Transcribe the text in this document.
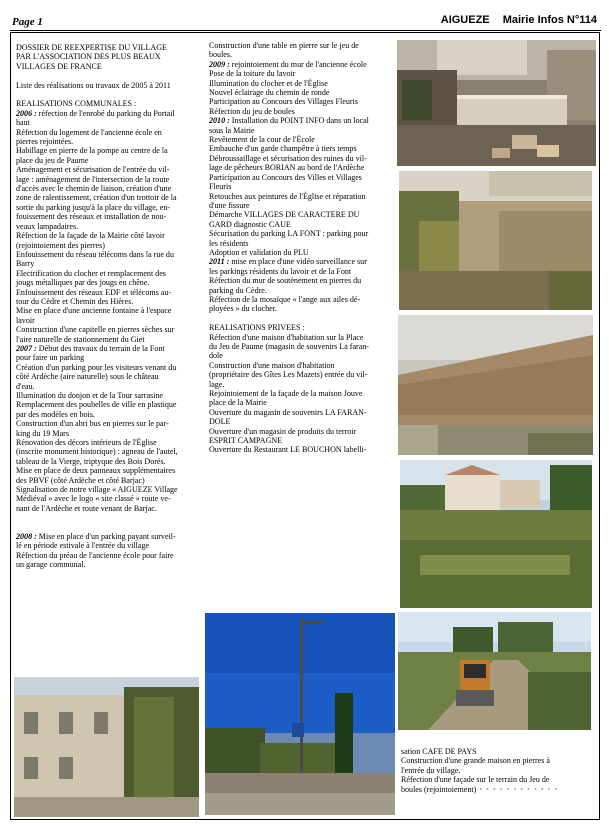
Page 1	AIGUEZE Mairie Infos N°114

DOSSIER DE REEXPERTISE DU VILLAGE

PAR L'ASSOCIATION DES PLUS BEAUX

VILLAGES DE FRANCE

Liste des réalisations ou travaux de 2005 à 2011

REALISATIONS COMMUNALES :

2006 : réfection de l'enrobé du parking du Portail

haut

Réfection du logement de l'ancienne école en

pierres rejointées.

Habillage en pierre de la pompe au centre de la

place du jeu de Paume

Aménagement et sécurisation de l'entrée du vil-

lage : aménagement de l'intersection de la route

d'accès avec le chemin de liaison, création d'une

zone de ralentissement, création d'un trottoir de la

sortie du parking jusqu'à la place du village, en-

fouissement des réseaux et installation de nou-

veaux lampadaires.

Réfection de la façade de la Mairie côté lavoir

(rejointoiement des pierres)

Enfouissement du réseau télécoms dans la rue du

Barry

Electrification du clocher et remplacement des

jougs métalliques par des jougs en chêne.

Enfouissement des réseaux EDF et télécoms au-

tour du Cèdre et Chemin des Hières.

Mise en place d'une ancienne fontaine à l'espace

lavoir

Construction d'une capitelle en pierres sèches sur

l'aire naturelle de stationnement du Giet

2007 : Début des travaux du terrain de la Font

pour faire un parking

Création d'un parking pour les visiteurs venant du

côté Ardèche (aire naturelle) sous le château

d'eau.

Illumination du donjon et de la Tour sarrasine

Remplacement des poubelles de ville en plastique

par des modèles en bois.

Construction d'un abri bus en pierres sur le par-

king du 19 Mars

Rénovation des décors intérieurs de l'Église

(inscrite monument historique) : agneau de l'autel,

tableau de la Vierge, triptyque des Bois Dorés.

Mise en place de deux panneaux supplémentaires

des PBVF (côté Ardèche et côté Barjac)

Signalisation de notre village « AIGUEZE Village

Médiéval » avec le logo « site classé » route ve-

nant de l'Ardèche et route venant de Barjac.

2008 : Mise en place d'un parking payant surveil-

lé en période estivale à l'entrée du village

Réfection du préau de l'ancienne école pour faire

un garage communal.

Construction d'une table en pierre sur le jeu de

boules.

2009 : rejointoiement du mur de l'ancienne école

Pose de la toiture du lavoir

Illumination du clocher et de l'Église

Nouvel éclairage du chemin de ronde

Participation au Concours des Villages Fleuris

Réfection du jeu de boules

2010 : Installation du POINT INFO dans un local

sous la Mairie

Revêtement de la cour de l'École

Embauche d'un garde champêtre à tiers temps

Débroussaillage et sécurisation des ruines du vil-

lage de pêcheurs BORIAN au bord de l'Ardèche

Participation au Concours des Villes et Villages

Fleuris

Retouches aux peintures de l'Église et réparation

d'une fissure

Démarche VILLAGES DE CARACTERE DU

GARD diagnostic CAUE

Sécurisation du parking LA FONT : parking pour

les résidents

Adoption et validation du PLU

2011 : mise en place d'une vidéo surveillance sur

les parkings résidents du lavoir et de la Font

Réfection du mur de soutènement en pierres du

parking du Cèdre.

Réfection de la mosaïque « l'ange aux ailes dé-

ployées » du clocher.

REALISATIONS PRIVEES :

Réfection d'une maison d'habitation sur la Place

du Jeu de Paume (magasin de souvenirs La faran-

dole

Construction d'une maison d'habitation

(propriétaire des Gîtes Les Mazets) entrée du vil-

lage.

Rejointoiement de la façade de la maison Jouve

place de la Mairie

Ouverture du magasin de souvenirs LA FARAN-

DOLE

Ouverture d'un magasin de produits du terroir

ESPRIT CAMPAGNE

Ouverture du Restaurant LE BOUCHON labelli-

sation CAFE DE PAYS

Construction d'une grande maison en pierres à

l'entrée du village.

Réfection d'une façade sur le terrain du Jeu de

boules (rejointoiement) • • • • • • • • • • • •
